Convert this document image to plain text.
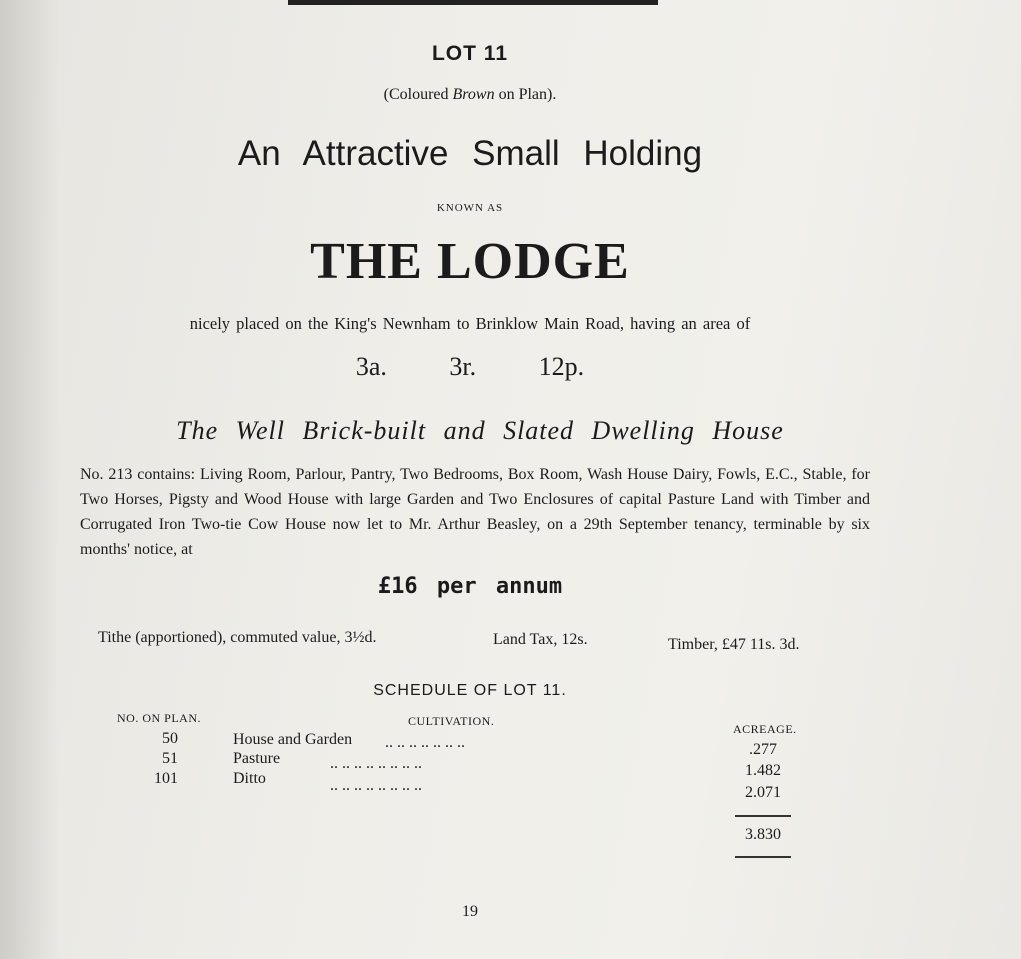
LOT 11
(Coloured Brown on Plan).
An Attractive Small Holding
KNOWN AS
THE LODGE
nicely placed on the King's Newnham to Brinklow Main Road, having an area of
3a. 3r. 12p.
The Well Brick-built and Slated Dwelling House
No. 213 contains: Living Room, Parlour, Pantry, Two Bedrooms, Box Room, Wash House Dairy, Fowls, E.C., Stable, for Two Horses, Pigsty and Wood House with large Garden and Two Enclosures of capital Pasture Land with Timber and Corrugated Iron Two-tie Cow House now let to Mr. Arthur Beasley, on a 29th September tenancy, terminable by six months' notice, at
£16 per annum
Tithe (apportioned), commuted value, 3½d.	Land Tax, 12s.	Timber, £47 11s. 3d.
SCHEDULE OF LOT 11.
NO. ON PLAN.	CULTIVATION.
ACREAGE.
50	House and Garden .. .. .. .. .. .. ..	.277
51	Pasture	.. .. .. .. .. .. .. ..	1.482
101	Ditto	.. .. .. .. .. .. .. ..	2.071
3.830
19
